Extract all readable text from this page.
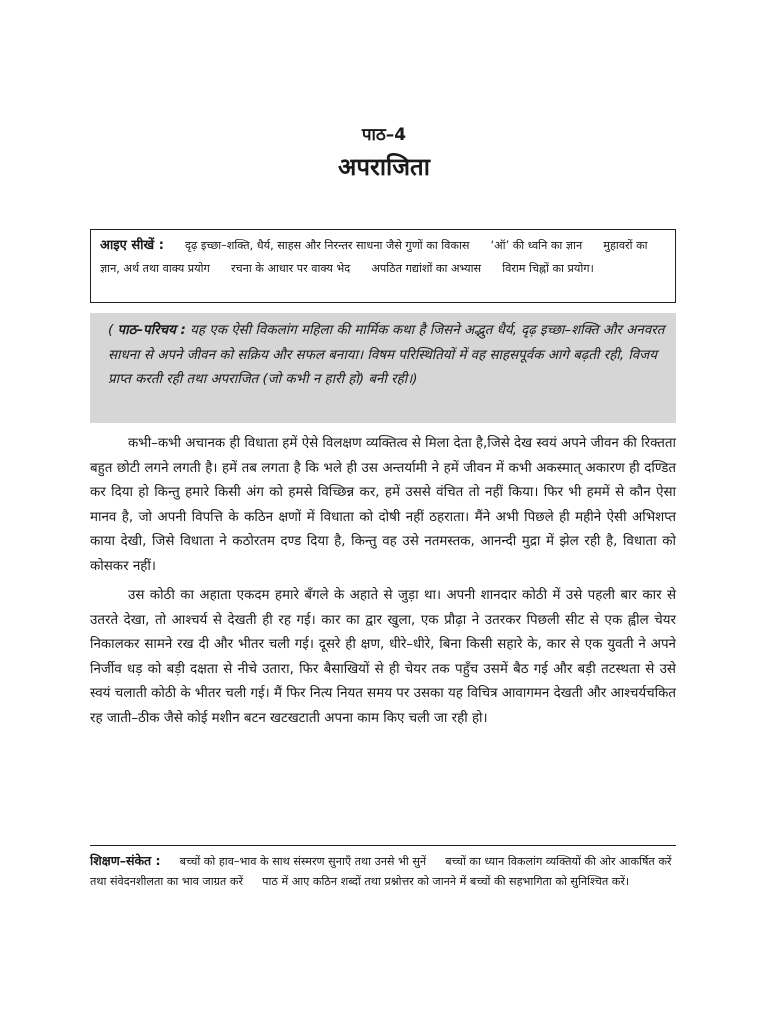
पाठ–4
अपराजिता
आइए सीखें : दृढ़ इच्छा–शक्ति, धैर्य, साहस और निरन्तर साधना जैसे गुणों का विकास ‘ऑ’ की ध्वनि का ज्ञान मुहावरों का ज्ञान, अर्थ तथा वाक्य प्रयोग रचना के आधार पर वाक्य भेद अपठित गद्यांशों का अभ्यास विराम चिह्नों का प्रयोग।
( पाठ–परिचय : यह एक ऐसी विकलांग महिला की मार्मिक कथा है जिसने अद्भुत धैर्य, दृढ़ इच्छा–शक्ति और अनवरत साधना से अपने जीवन को सक्रिय और सफल बनाया। विषम परिस्थितियों में वह साहसपूर्वक आगे बढ़ती रही, विजय प्राप्त करती रही तथा अपराजित (जो कभी न हारी हो) बनी रही।)

कभी–कभी अचानक ही विधाता हमें ऐसे विलक्षण व्यक्तित्व से मिला देता है,जिसे देख स्वयं अपने जीवन की रिक्तता बहुत छोटी लगने लगती है। हमें तब लगता है कि भले ही उस अन्तर्यामी ने हमें जीवन में कभी अकस्मात् अकारण ही दण्डित कर दिया हो किन्तु हमारे किसी अंग को हमसे विच्छिन्न कर, हमें उससे वंचित तो नहीं किया। फिर भी हममें से कौन ऐसा मानव है, जो अपनी विपत्ति के कठिन क्षणों में विधाता को दोषी नहीं ठहराता। मैंने अभी पिछले ही महीने ऐसी अभिशप्त काया देखी, जिसे विधाता ने कठोरतम दण्ड दिया है, किन्तु वह उसे नतमस्तक, आनन्दी मुद्रा में झेल रही है, विधाता को कोसकर नहीं।

उस कोठी का अहाता एकदम हमारे बँगले के अहाते से जुड़ा था। अपनी शानदार कोठी में उसे पहली बार कार से उतरते देखा, तो आश्चर्य से देखती ही रह गई। कार का द्वार खुला, एक प्रौढ़ा ने उतरकर पिछली सीट से एक ह्वील चेयर निकालकर सामने रख दी और भीतर चली गई। दूसरे ही क्षण, धीरे–धीरे, बिना किसी सहारे के, कार से एक युवती ने अपने निर्जीव धड़ को बड़ी दक्षता से नीचे उतारा, फिर बैसाखियों से ही चेयर तक पहुँच उसमें बैठ गई और बड़ी तटस्थता से उसे स्वयं चलाती कोठी के भीतर चली गई। मैं फिर नित्य नियत समय पर उसका यह विचित्र आवागमन देखती और आश्चर्यचकित रह जाती–ठीक जैसे कोई मशीन बटन खटखटाती अपना काम किए चली जा रही हो।

शिक्षण–संकेत : बच्चों को हाव–भाव के साथ संस्मरण सुनाएँ तथा उनसे भी सुनें बच्चों का ध्यान विकलांग व्यक्तियों की ओर आकर्षित करें तथा संवेदनशीलता का भाव जाग्रत करें पाठ में आए कठिन शब्दों तथा प्रश्नोत्तर को जानने में बच्चों की सहभागिता को सुनिश्चित करें।
